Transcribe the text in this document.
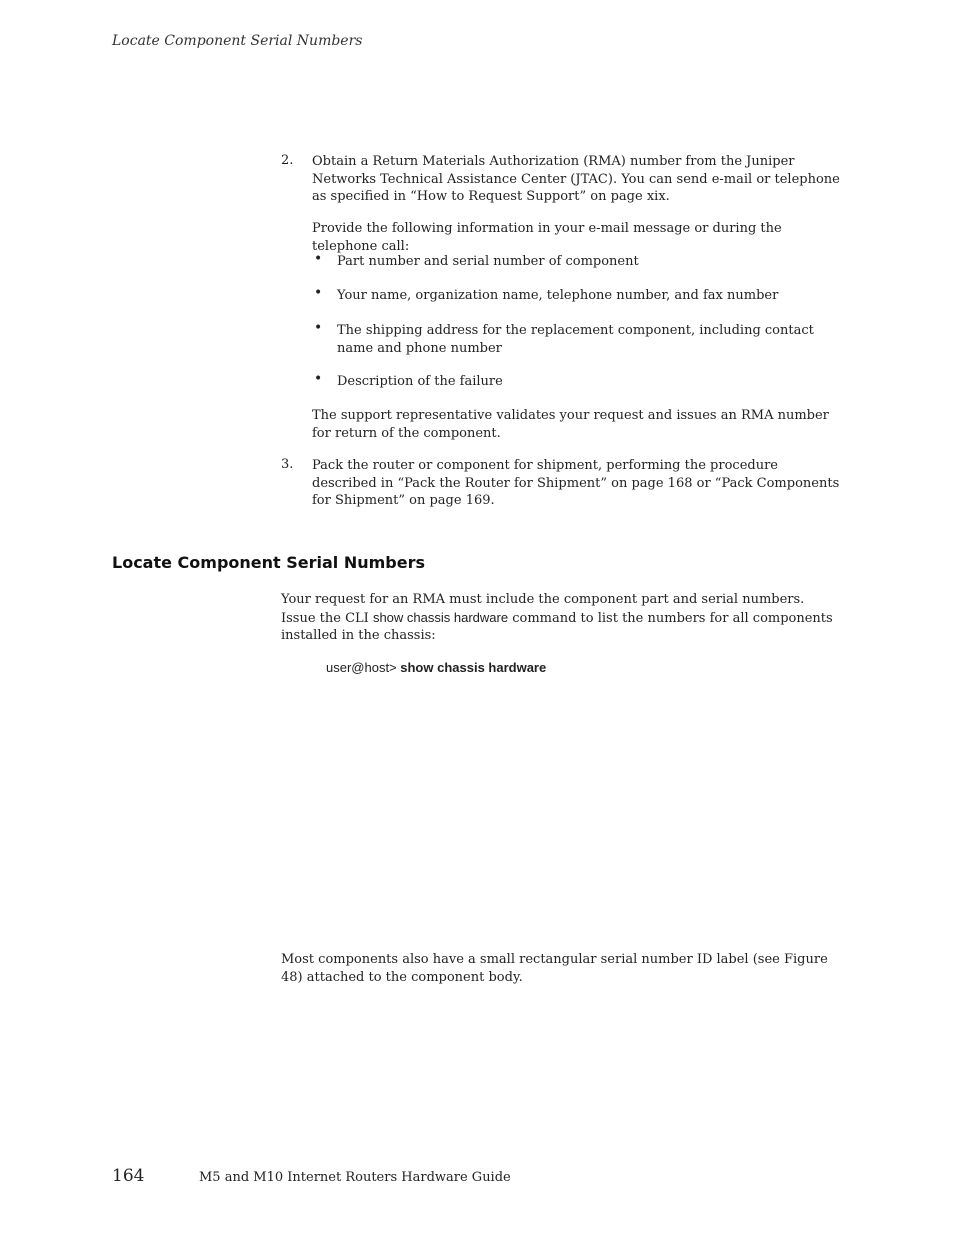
Locate Component Serial Numbers
2. Obtain a Return Materials Authorization (RMA) number from the Juniper Networks Technical Assistance Center (JTAC). You can send e-mail or telephone as specified in “How to Request Support” on page xix.
Provide the following information in your e-mail message or during the telephone call:
• Part number and serial number of component
• Your name, organization name, telephone number, and fax number
• The shipping address for the replacement component, including contact name and phone number
• Description of the failure
The support representative validates your request and issues an RMA number for return of the component.
3. Pack the router or component for shipment, performing the procedure described in “Pack the Router for Shipment” on page 168 or “Pack Components for Shipment” on page 169.
Locate Component Serial Numbers
Your request for an RMA must include the component part and serial numbers. Issue the CLI show chassis hardware command to list the numbers for all components installed in the chassis:
user@host> show chassis hardware
Most components also have a small rectangular serial number ID label (see Figure 48) attached to the component body.
164	M5 and M10 Internet Routers Hardware Guide
